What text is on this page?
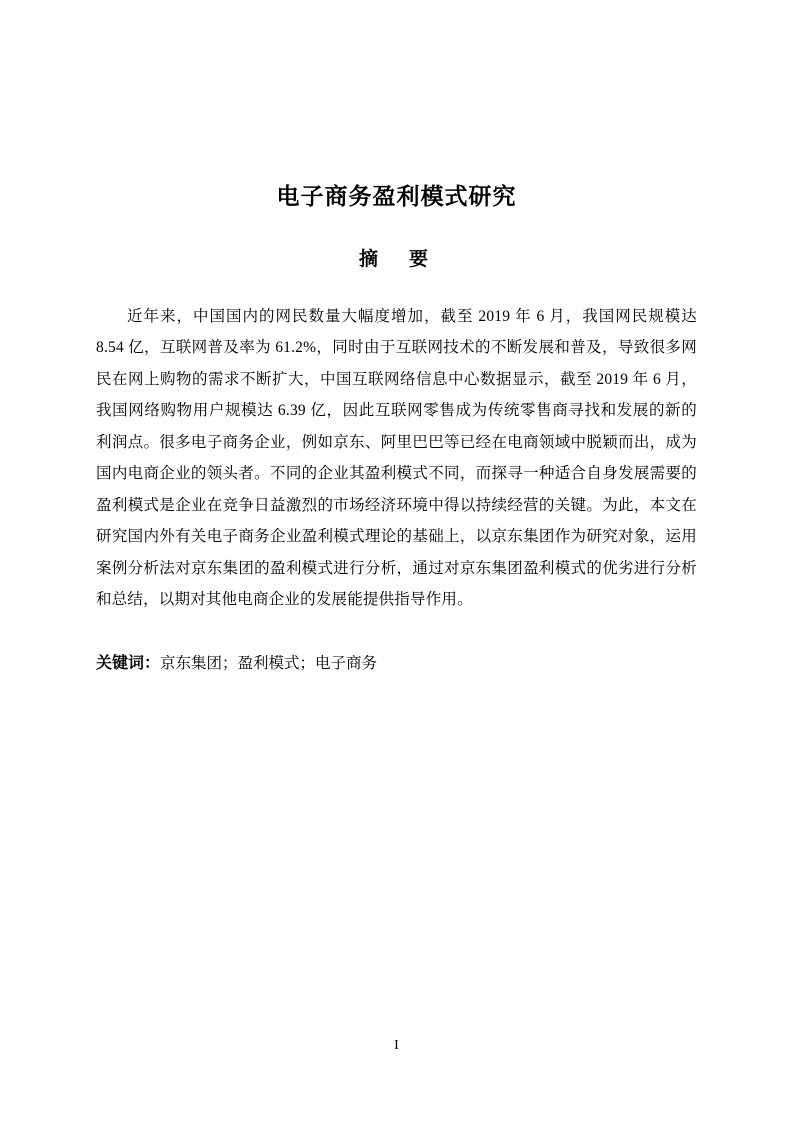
电子商务盈利模式研究
摘　要

近年来，中国国内的网民数量大幅度增加，截至 2019 年 6 月，我国网民规模达 8.54 亿，互联网普及率为 61.2%，同时由于互联网技术的不断发展和普及，导致很多网民在网上购物的需求不断扩大，中国互联网络信息中心数据显示，截至 2019 年 6 月，我国网络购物用户规模达 6.39 亿，因此互联网零售成为传统零售商寻找和发展的新的利润点。很多电子商务企业，例如京东、阿里巴巴等已经在电商领域中脱颖而出，成为国内电商企业的领头者。不同的企业其盈利模式不同，而探寻一种适合自身发展需要的盈利模式是企业在竞争日益激烈的市场经济环境中得以持续经营的关键。为此，本文在研究国内外有关电子商务企业盈利模式理论的基础上，以京东集团作为研究对象，运用案例分析法对京东集团的盈利模式进行分析，通过对京东集团盈利模式的优劣进行分析和总结，以期对其他电商企业的发展能提供指导作用。

关键词：京东集团；盈利模式；电子商务

I
